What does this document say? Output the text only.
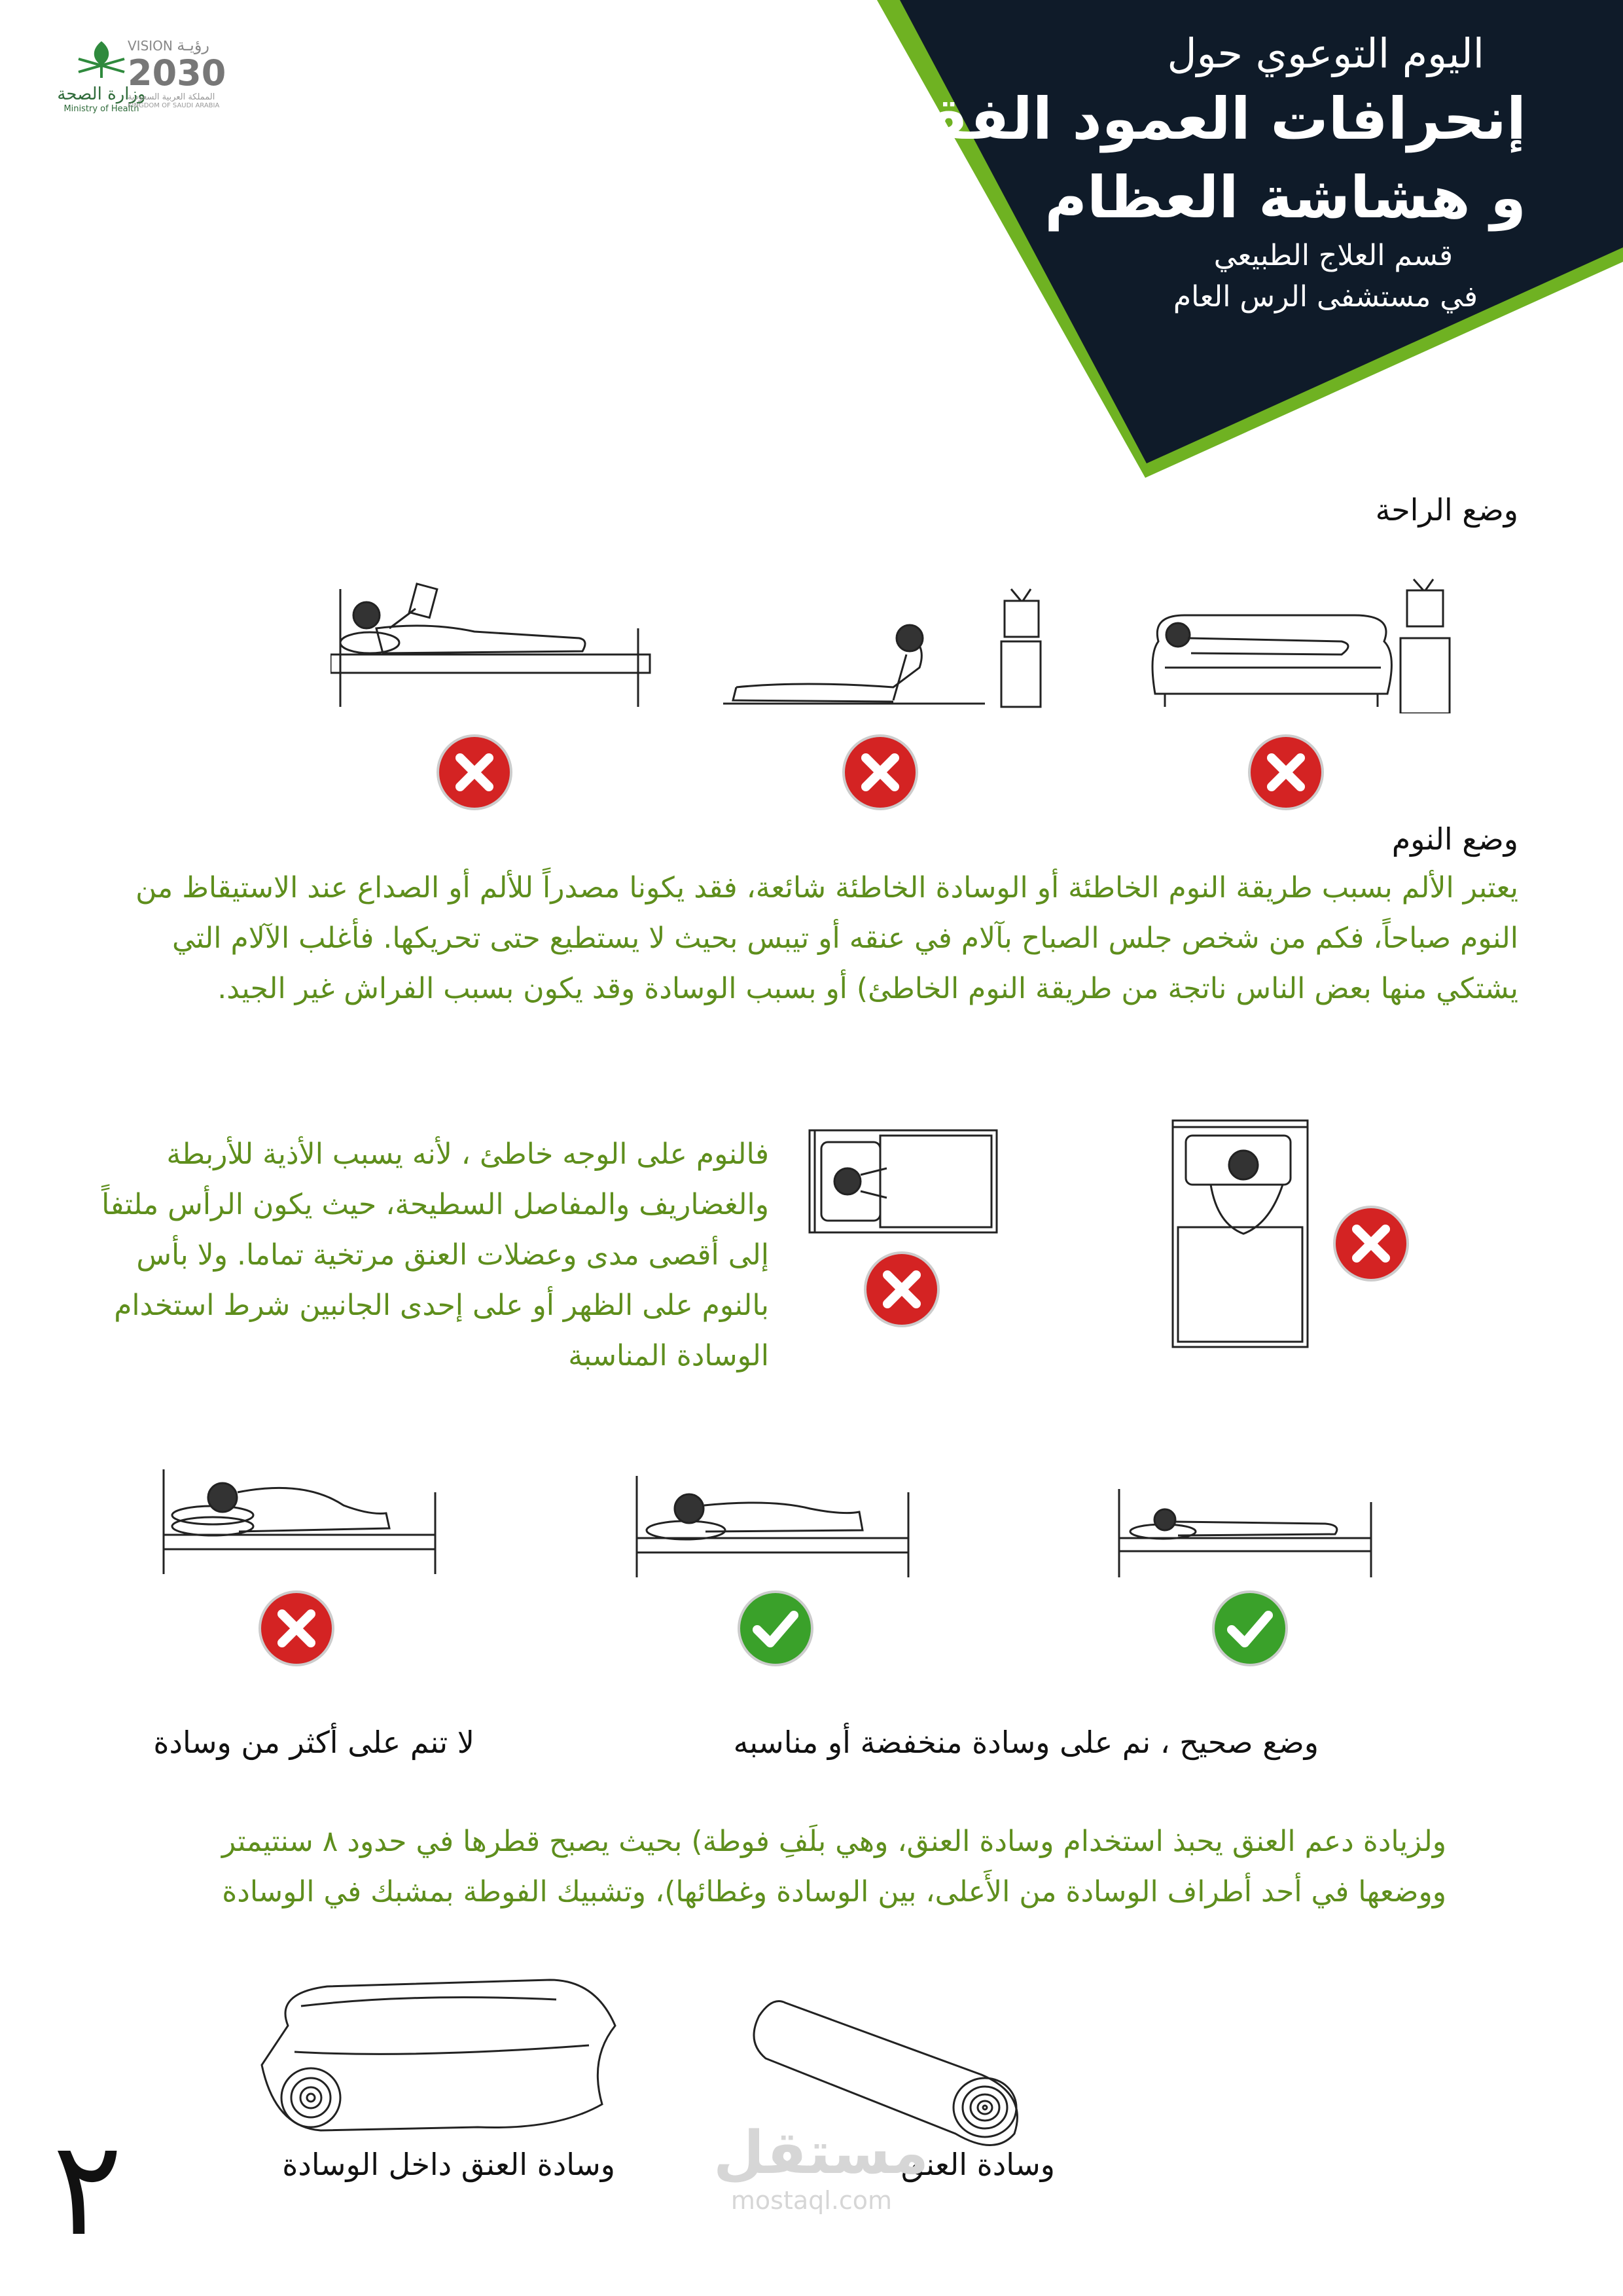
اليوم التوعوي حول
إنحرافات العمود الفقري
و هشاشة العظام
قسم العلاج الطبيعي
في مستشفى الرس العام
وزارة الصحة
Ministry of Health
VISION رؤيـة
2030
المملكة العربية السعودية
KINGDOM OF SAUDI ARABIA
وضع الراحة
وضع النوم
يعتبر الألم بسبب طريقة النوم الخاطئة أو الوسادة الخاطئة شائعة، فقد يكونا مصدراً للألم أو الصداع عند الاستيقاظ من النوم صباحاً، فكم من شخص جلس الصباح بآلام في عنقه أو تيبس بحيث لا يستطيع حتى تحريكها. فأغلب الآلام التي يشتكي منها بعض الناس ناتجة من طريقة النوم الخاطئ) أو بسبب الوسادة وقد يكون بسبب الفراش غير الجيد.
فالنوم على الوجه خاطئ ، لأنه يسبب الأذية للأربطة والغضاريف والمفاصل السطيحة، حيث يكون الرأس ملتفاً إلى أقصى مدى وعضلات العنق مرتخية تماما. ولا بأس بالنوم على الظهر أو على إحدى الجانبين شرط استخدام الوسادة المناسبة
لا تنم على أكثر من وسادة	وضع صحيح ، نم على وسادة منخفضة أو مناسبه
ولزيادة دعم العنق يحبذ استخدام وسادة العنق، وهي بلَفِ فوطة) بحيث يصبح قطرها في حدود ٨ سنتيمتر ووضعها في أحد أطراف الوسادة من الأَعلى، بين الوسادة وغطائها)، وتشبيك الفوطة بمشبك في الوسادة
وسادة العنق داخل الوسادة	وسادة العنق
٢	مستقل
mostaql.com
